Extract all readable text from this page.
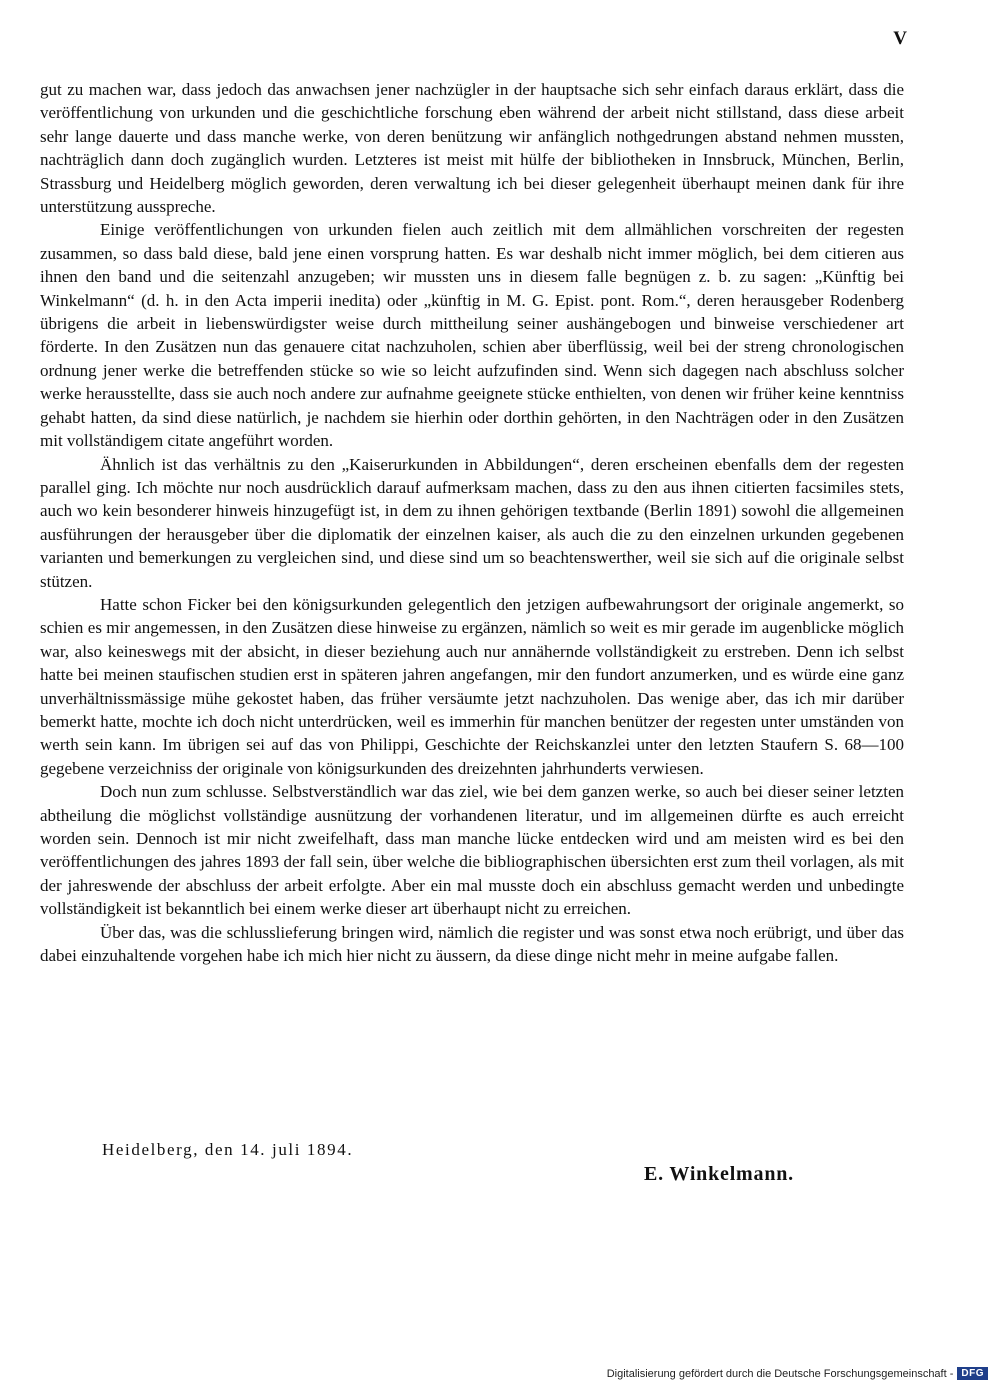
V

gut zu machen war, dass jedoch das anwachsen jener nachzügler in der hauptsache sich sehr einfach daraus erklärt, dass die veröffentlichung von urkunden und die geschichtliche forschung eben während der arbeit nicht stillstand, dass diese arbeit sehr lange dauerte und dass manche werke, von deren benützung wir anfänglich nothgedrungen abstand nehmen mussten, nachträglich dann doch zugänglich wurden. Letzteres ist meist mit hülfe der bibliotheken in Innsbruck, München, Berlin, Strassburg und Heidelberg möglich geworden, deren verwaltung ich bei dieser gelegenheit überhaupt meinen dank für ihre unterstützung ausspreche.

Einige veröffentlichungen von urkunden fielen auch zeitlich mit dem allmählichen vorschreiten der regesten zusammen, so dass bald diese, bald jene einen vorsprung hatten. Es war deshalb nicht immer möglich, bei dem citieren aus ihnen den band und die seitenzahl anzugeben; wir mussten uns in diesem falle begnügen z. b. zu sagen: „Künftig bei Winkelmann“ (d. h. in den Acta imperii inedita) oder „künftig in M. G. Epist. pont. Rom.“, deren herausgeber Rodenberg übrigens die arbeit in liebenswürdigster weise durch mittheilung seiner aushängebogen und binweise verschiedener art förderte. In den Zusätzen nun das genauere citat nachzuholen, schien aber überflüssig, weil bei der streng chronologischen ordnung jener werke die betreffenden stücke so wie so leicht aufzufinden sind. Wenn sich dagegen nach abschluss solcher werke herausstellte, dass sie auch noch andere zur aufnahme geeignete stücke enthielten, von denen wir früher keine kenntniss gehabt hatten, da sind diese natürlich, je nachdem sie hierhin oder dorthin gehörten, in den Nachträgen oder in den Zusätzen mit vollständigem citate angeführt worden.

Ähnlich ist das verhältnis zu den „Kaiserurkunden in Abbildungen“, deren erscheinen ebenfalls dem der regesten parallel ging. Ich möchte nur noch ausdrücklich darauf aufmerksam machen, dass zu den aus ihnen citierten facsimiles stets, auch wo kein besonderer hinweis hinzugefügt ist, in dem zu ihnen gehörigen textbande (Berlin 1891) sowohl die allgemeinen ausführungen der herausgeber über die diplomatik der einzelnen kaiser, als auch die zu den einzelnen urkunden gegebenen varianten und bemerkungen zu vergleichen sind, und diese sind um so beachtenswerther, weil sie sich auf die originale selbst stützen.

Hatte schon Ficker bei den königsurkunden gelegentlich den jetzigen aufbewahrungsort der originale angemerkt, so schien es mir angemessen, in den Zusätzen diese hinweise zu ergänzen, nämlich so weit es mir gerade im augenblicke möglich war, also keineswegs mit der absicht, in dieser beziehung auch nur annähernde vollständigkeit zu erstreben. Denn ich selbst hatte bei meinen staufischen studien erst in späteren jahren angefangen, mir den fundort anzumerken, und es würde eine ganz unverhältnissmässige mühe gekostet haben, das früher versäumte jetzt nachzuholen. Das wenige aber, das ich mir darüber bemerkt hatte, mochte ich doch nicht unterdrücken, weil es immerhin für manchen benützer der regesten unter umständen von werth sein kann. Im übrigen sei auf das von Philippi, Geschichte der Reichskanzlei unter den letzten Staufern S. 68—100 gegebene verzeichniss der originale von königsurkunden des dreizehnten jahrhunderts verwiesen.

Doch nun zum schlusse. Selbstverständlich war das ziel, wie bei dem ganzen werke, so auch bei dieser seiner letzten abtheilung die möglichst vollständige ausnützung der vorhandenen literatur, und im allgemeinen dürfte es auch erreicht worden sein. Dennoch ist mir nicht zweifelhaft, dass man manche lücke entdecken wird und am meisten wird es bei den veröffentlichungen des jahres 1893 der fall sein, über welche die bibliographischen übersichten erst zum theil vorlagen, als mit der jahreswende der abschluss der arbeit erfolgte. Aber ein mal musste doch ein abschluss gemacht werden und unbedingte vollständigkeit ist bekanntlich bei einem werke dieser art überhaupt nicht zu erreichen.

Über das, was die schlusslieferung bringen wird, nämlich die register und was sonst etwa noch erübrigt, und über das dabei einzuhaltende vorgehen habe ich mich hier nicht zu äussern, da diese dinge nicht mehr in meine aufgabe fallen.

Heidelberg, den 14. juli 1894.
E. Winkelmann.
Digitalisierung gefördert durch die Deutsche Forschungsgemeinschaft - DFG
